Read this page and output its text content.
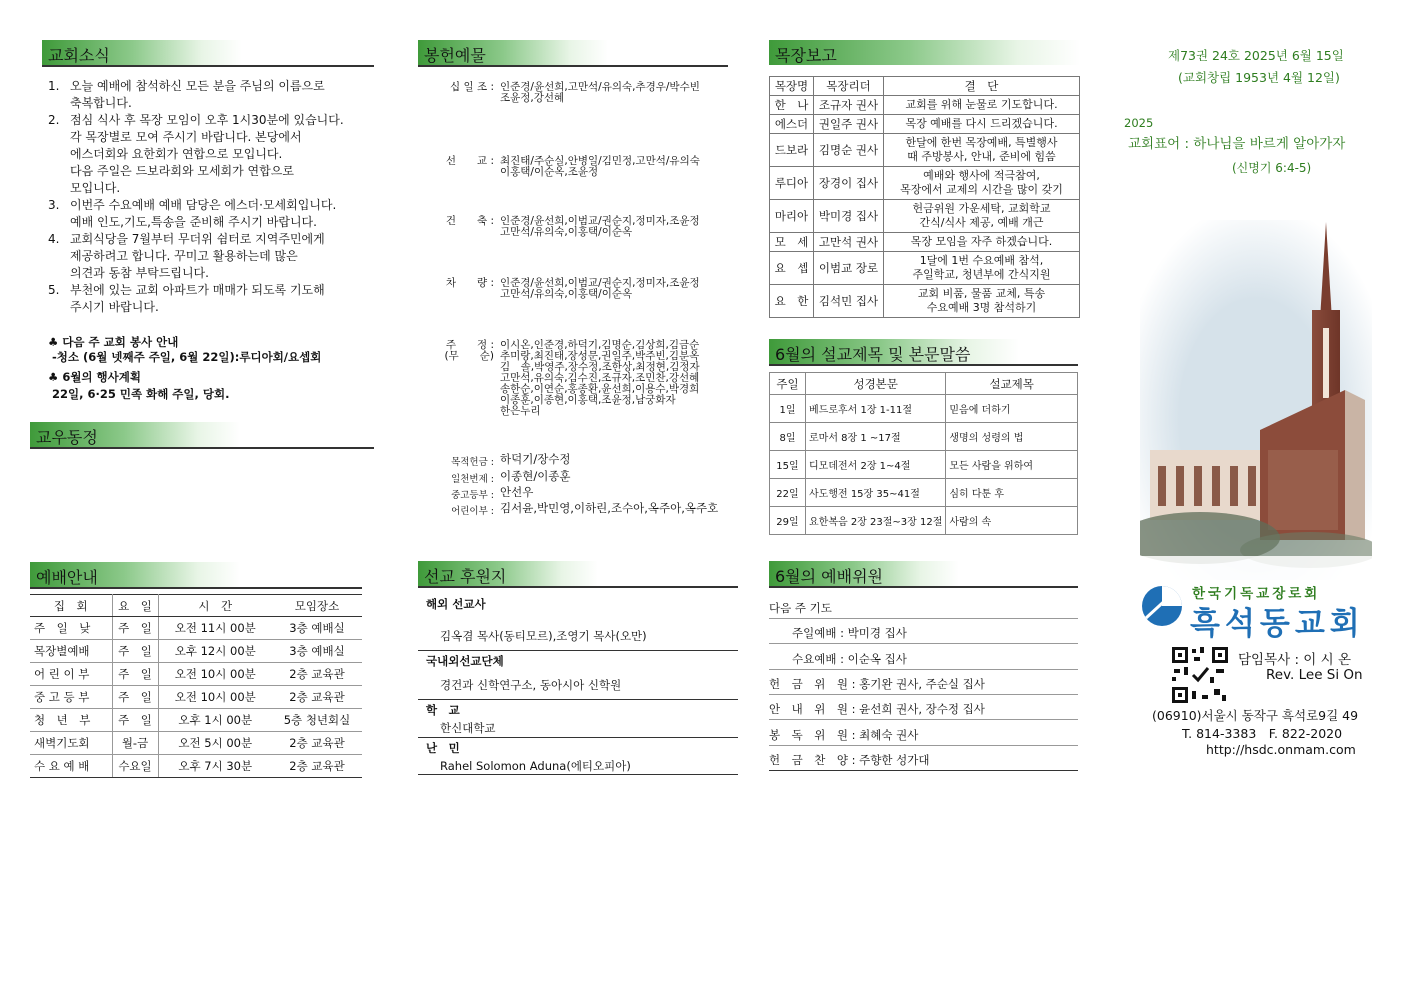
교회소식
1. 오늘 예배에 참석하신 모든 분을 주님의 이름으로
축복합니다.
2. 점심 식사 후 목장 모임이 오후 1시30분에 있습니다.
각 목장별로 모여 주시기 바랍니다. 본당에서
에스더회와 요한회가 연합으로 모입니다.
다음 주일은 드보라회와 모세회가 연합으로
모입니다.
3. 이번주 수요예배 예배 담당은 에스더·모세회입니다.
예배 인도,기도,특송을 준비해 주시기 바랍니다.
4. 교회식당을 7월부터 무더위 쉼터로 지역주민에게
제공하려고 합니다. 꾸미고 활용하는데 많은
의견과 동참 부탁드립니다.
5. 부천에 있는 교회 아파트가 매매가 되도록 기도해
주시기 바랍니다.
♣ 다음 주 교회 봉사 안내
-청소 (6월 넷째주 주일, 6월 22일):루디아회/요셉회
♣ 6월의 행사계획
22일, 6·25 민족 화해 주일, 당회.
교우동정
예배안내
집　회	요　일	시　간	모임장소
주　일　낮	주　일	오전 11시 00분	3층 예배실
목장별예배	주　일	오후 12시 00분	3층 예배실
어 린 이 부	주　일	오전 10시 00분	2층 교육관
중 고 등 부	주　일	오전 10시 00분	2층 교육관
청　년　부	주　일	오후 1시 00분	5층 청년회실
새벽기도회	월-금	오전 5시 00분	2층 교육관
수 요 예 배	수요일	오후 7시 30분	2층 교육관
봉헌예물
십 일 조 : 인준경/윤선희,고만석/유의숙,추경우/박수빈
조윤정,강선혜
선　　교 : 최진태/주순실,안병일/김민정,고만석/유의숙
이홍택/이순옥,조윤정
건　　축 : 인준경/윤선희,이범교/권순지,정미자,조윤정
고만석/유의숙,이홍택/이순옥
차　　량 : 인준경/윤선희,이범교/권순지,정미자,조윤정
고만석/유의숙,이홍택/이순옥
주　　정 :
(무　　순)
이시온,인준경,하덕기,김명순,김상희,김금순
추미랑,최진태,장성문,권일주,박주빈,김분옥
김　솔,박영주,장수정,조한상,최정현,김정자
고만석,유의숙,김수진,조규자,조민찬,강선혜
송한순,이연순,홍종환,윤선희,이용수,박경희
이종훈,이종현,이홍택,조윤정,남궁화자
한은누리
목적헌금 : 하덕기/장수정
일천번제 : 이종현/이종훈
중고등부 : 안선우
어린이부 : 김서윤,박민영,이하린,조수아,옥주아,옥주호
선교 후원지
해외 선교사
김옥겸 목사(동티모르),조영기 목사(오만)
국내외선교단체
경건과 신학연구소, 동아시아 신학원
학　교
한신대학교
난　민
Rahel Solomon Aduna(에티오피아)
목장보고
목장명	목장리더	결　단
한　나	조규자 권사	교회를 위해 눈물로 기도합니다.

에스더	권일주 권사	목장 예배를 다시 드리겠습니다.

드보라	김명순 권사	한달에 한번 목장예배, 특별행사
때 주방봉사, 안내, 준비에 힘씀

루디아	장경이 집사	예배와 행사에 적극참여,
목장에서 교제의 시간을 많이 갖기

마리아	박미경 집사	헌금위원 가운세탁, 교회학교
간식/식사 제공, 예배 개근

모　세	고만석 권사	목장 모임을 자주 하겠습니다.

요　셉	이범교 장로	1달에 1번 수요예배 참석,
주일학교, 청년부에 간식지원

요　한	김석민 집사	교회 비품, 물품 교체, 특송
수요예배 3명 참석하기
6월의 설교제목 및 본문말씀
주일	성경본문	설교제목
1일	베드로후서 1장 1-11절	믿음에 더하기
8일	로마서 8장 1 ~17절	생명의 성령의 법
15일	디모데전서 2장 1~4절	모든 사람을 위하여
22일	사도행전 15장 35~41절	심히 다툰 후
29일	요한복음 2장 23절~3장 12절	사람의 속
6월의 예배위원
다음 주 기도
　　주일예배 : 박미경 집사
　　수요예배 : 이순옥 집사
헌　금　위　원 : 홍기완 권사, 주순실 집사
안　내　위　원 : 윤선희 권사, 장수정 집사
봉　독　위　원 : 최혜숙 권사
헌　금　찬　양 : 주향한 성가대
제73권 24호 2025년 6월 15일
(교회창립 1953년 4월 12일)
2025
교회표어 : 하나님을 바르게 알아가자
(신명기 6:4-5)
한국기독교장로회
흑석동교회
담임목사 : 이 시 온
Rev. Lee Si On
(06910)서울시 동작구 흑석로9길 49
T. 814-3383　F. 822-2020
http://hsdc.onmam.com
